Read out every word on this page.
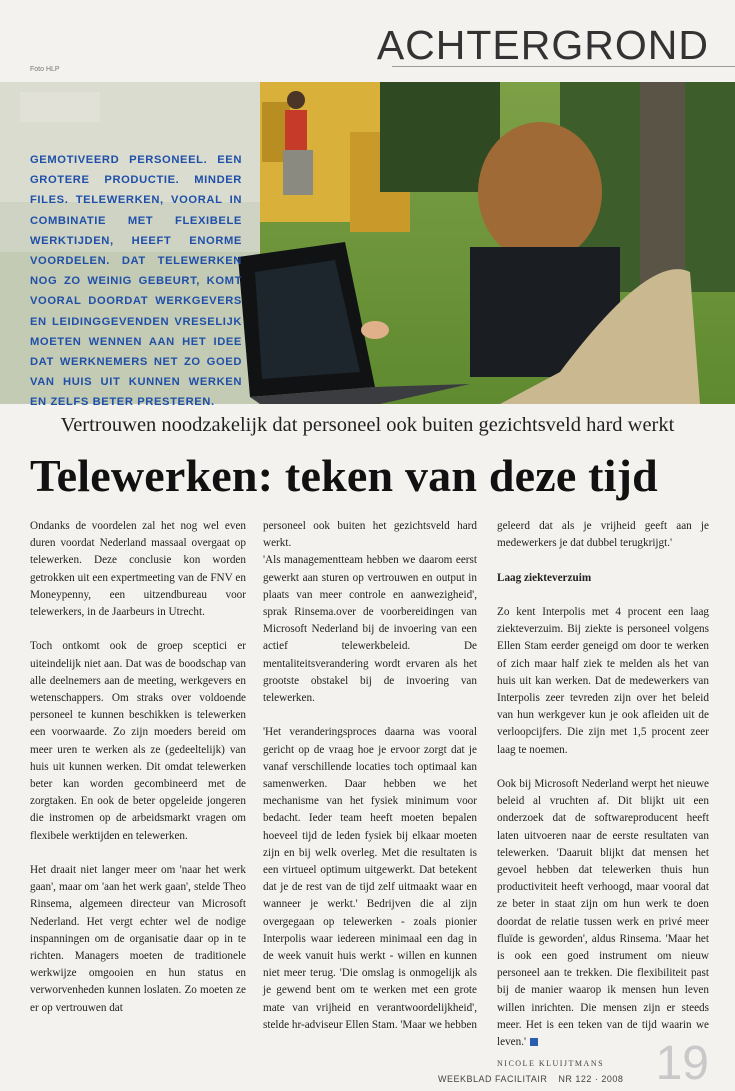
ACHTERGROND
Foto HLP
GEMOTIVEERD PERSONEEL. EEN GROTERE PRODUCTIE. MINDER FILES. TELEWERKEN, VOORAL IN COMBINATIE MET FLEXIBELE WERKTIJDEN, HEEFT ENORME VOORDELEN. DAT TELEWERKEN NOG ZO WEINIG GEBEURT, KOMT VOORAL DOORDAT WERKGEVERS EN LEIDINGGEVENDEN VRESELIJK MOETEN WENNEN AAN HET IDEE DAT WERKNEMERS NET ZO GOED VAN HUIS UIT KUNNEN WERKEN EN ZELFS BETER PRESTEREN.
Vertrouwen noodzakelijk dat personeel ook buiten gezichtsveld hard werkt
Telewerken: teken van deze tijd

Ondanks de voordelen zal het nog wel even duren voordat Nederland massaal overgaat op telewerken. Deze conclusie kon worden getrokken uit een expertmeeting van de FNV en Moneypenny, een uitzendbureau voor telewerkers, in de Jaarbeurs in Utrecht.

Toch ontkomt ook de groep sceptici er uiteindelijk niet aan. Dat was de boodschap van alle deelnemers aan de meeting, werkgevers en wetenschappers. Om straks over voldoende personeel te kunnen beschikken is telewerken een voorwaarde. Zo zijn moeders bereid om meer uren te werken als ze (gedeeltelijk) van huis uit kunnen werken. Dit omdat telewerken beter kan worden gecombineerd met de zorgtaken. En ook de beter opgeleide jongeren die instromen op de arbeidsmarkt vragen om flexibele werktijden en telewerken.

Het draait niet langer meer om 'naar het werk gaan', maar om 'aan het werk gaan', stelde Theo Rinsema, algemeen directeur van Microsoft Nederland. Het vergt echter wel de nodige inspanningen om de organisatie daar op in te richten. Managers moeten de traditionele werkwijze omgooien en hun status en verworvenheden kunnen loslaten. Zo moeten ze er op vertrouwen dat

personeel ook buiten het gezichtsveld hard werkt.

'Als managementteam hebben we daarom eerst gewerkt aan sturen op vertrouwen en output in plaats van meer controle en aanwezigheid', sprak Rinsema.over de voorbereidingen van Microsoft Nederland bij de invoering van een actief telewerkbeleid. De mentaliteitsverandering wordt ervaren als het grootste obstakel bij de invoering van telewerken.

'Het veranderingsproces daarna was vooral gericht op de vraag hoe je ervoor zorgt dat je vanaf verschillende locaties toch optimaal kan samenwerken. Daar hebben we het mechanisme van het fysiek minimum voor bedacht. Ieder team heeft moeten bepalen hoeveel tijd de leden fysiek bij elkaar moeten zijn en bij welk overleg. Met die resultaten is een virtueel optimum uitgewerkt. Dat betekent dat je de rest van de tijd zelf uitmaakt waar en wanneer je werkt.' Bedrijven die al zijn overgegaan op telewerken - zoals pionier Interpolis waar iedereen minimaal een dag in de week vanuit huis werkt - willen en kunnen niet meer terug. 'Die omslag is onmogelijk als je gewend bent om te werken met een grote mate van vrijheid en verantwoordelijkheid', stelde hr-adviseur Ellen Stam. 'Maar we hebben

geleerd dat als je vrijheid geeft aan je medewerkers je dat dubbel terugkrijgt.'

Laag ziekteverzuim

Zo kent Interpolis met 4 procent een laag ziekteverzuim. Bij ziekte is personeel volgens Ellen Stam eerder geneigd om door te werken of zich maar half ziek te melden als het van huis uit kan werken. Dat de medewerkers van Interpolis zeer tevreden zijn over het beleid van hun werkgever kun je ook afleiden uit de verloopcijfers. Die zijn met 1,5 procent zeer laag te noemen.

Ook bij Microsoft Nederland werpt het nieuwe beleid al vruchten af. Dit blijkt uit een onderzoek dat de softwareproducent heeft laten uitvoeren naar de eerste resultaten van telewerken. 'Daaruit blijkt dat mensen het gevoel hebben dat telewerken thuis hun productiviteit heeft verhoogd, maar vooral dat ze beter in staat zijn om hun werk te doen doordat de relatie tussen werk en privé meer fluïde is geworden', aldus Rinsema. 'Maar het is ook een goed instrument om nieuw personeel aan te trekken. Die flexibiliteit past bij de manier waarop ik mensen hun leven willen inrichten. Die mensen zijn er steeds meer. Het is een teken van de tijd waarin we leven.'

NICOLE KLUIJTMANS	19
WEEKBLAD FACILITAIR NR 122 · 2008
